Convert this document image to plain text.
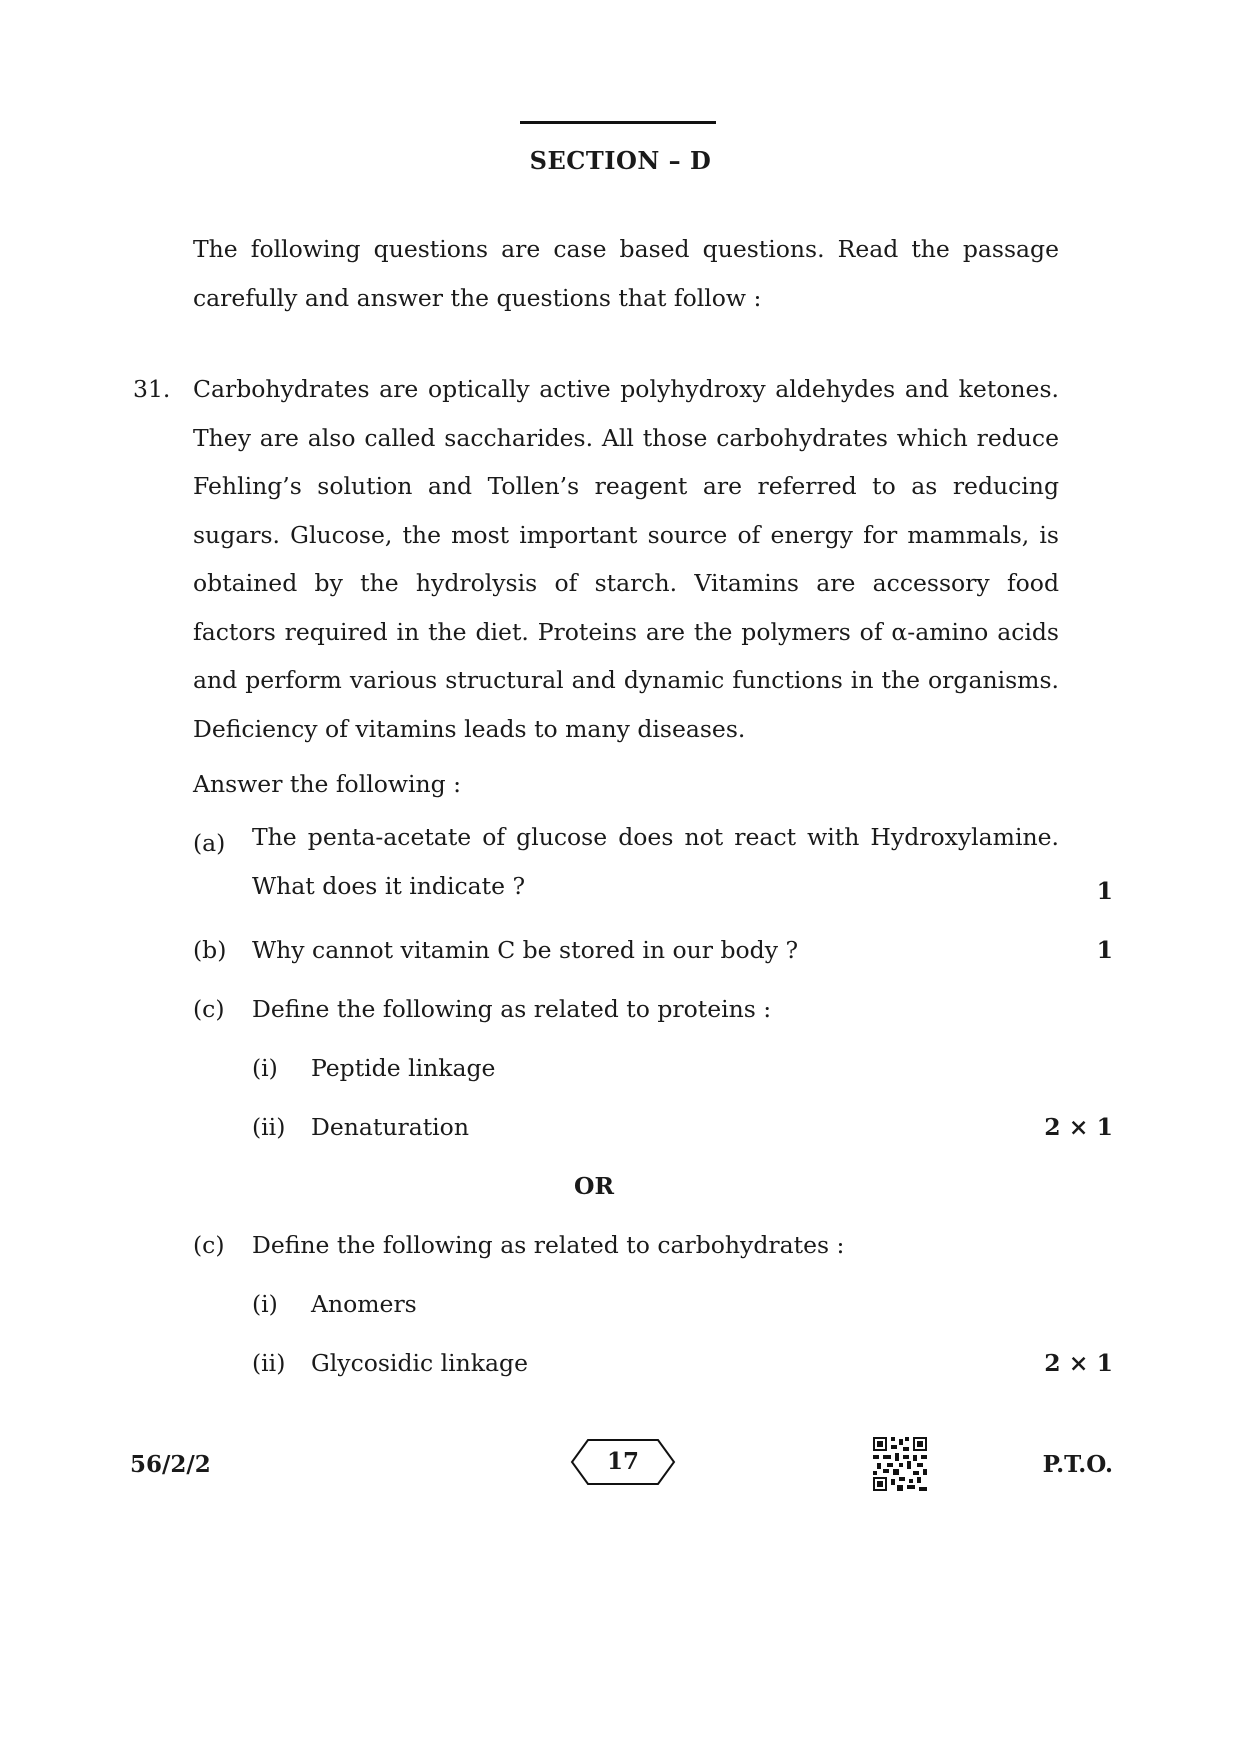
SECTION – D

The following questions are case based questions. Read the passage carefully and answer the questions that follow :

31. Carbohydrates are optically active polyhydroxy aldehydes and ketones. They are also called saccharides. All those carbohydrates which reduce Fehling’s solution and Tollen’s reagent are referred to as reducing sugars. Glucose, the most important source of energy for mammals, is obtained by the hydrolysis of starch. Vitamins are accessory food factors required in the diet. Proteins are the polymers of α-amino acids and perform various structural and dynamic functions in the organisms. Deficiency of vitamins leads to many diseases.

Answer the following :
(a) The penta-acetate of glucose does not react with Hydroxylamine. What does it indicate ?	1
(b) Why cannot vitamin C be stored in our body ?	1
(c) Define the following as related to proteins :
(i) Peptide linkage
(ii) Denaturation	2 × 1
OR
(c) Define the following as related to carbohydrates :
(i) Anomers
(ii) Glycosidic linkage	2 × 1
56/2/2	17	P.T.O.
